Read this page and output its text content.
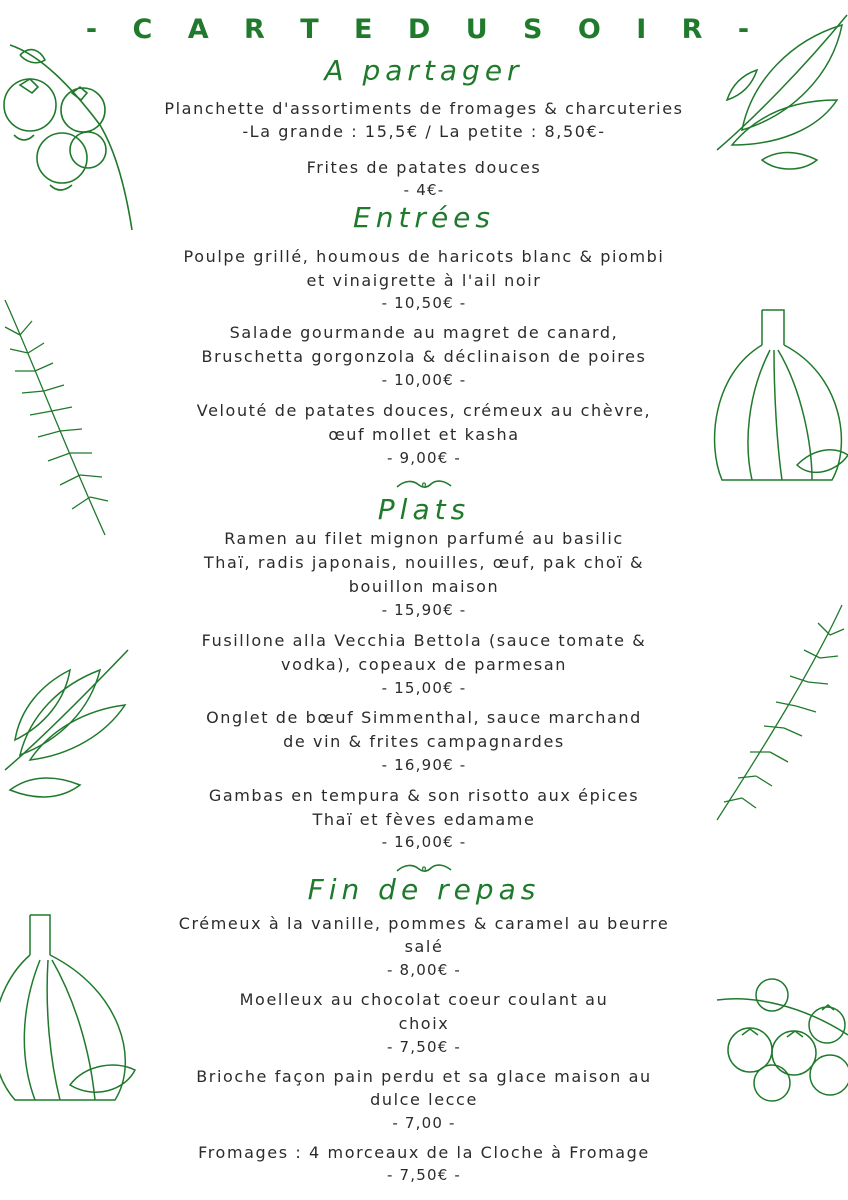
- C A R T E D U S O I R -
A partager
Planchette d'assortiments de fromages & charcuteries
-La grande : 15,5€ / La petite : 8,50€-
Frites de patates douces
- 4€-
Entrées
Poulpe grillé, houmous de haricots blanc & piombi
et vinaigrette à l'ail noir
- 10,50€ -
Salade gourmande au magret de canard,
Bruschetta gorgonzola & déclinaison de poires
- 10,00€ -
Velouté de patates douces, crémeux au chèvre,
œuf mollet et kasha
- 9,00€ -
Plats
Ramen au filet mignon parfumé au basilic
Thaï, radis japonais, nouilles, œuf, pak choï &
bouillon maison
- 15,90€ -
Fusillone alla Vecchia Bettola (sauce tomate &
vodka), copeaux de parmesan
- 15,00€ -
Onglet de bœuf Simmenthal, sauce marchand
de vin & frites campagnardes
- 16,90€ -
Gambas en tempura & son risotto aux épices
Thaï et fèves edamame
- 16,00€ -
Fin de repas
Crémeux à la vanille, pommes & caramel au beurre
salé
- 8,00€ -
Moelleux au chocolat coeur coulant au
choix
- 7,50€ -
Brioche façon pain perdu et sa glace maison au
dulce lecce
- 7,00 -
Fromages : 4 morceaux de la Cloche à Fromage
- 7,50€ -
